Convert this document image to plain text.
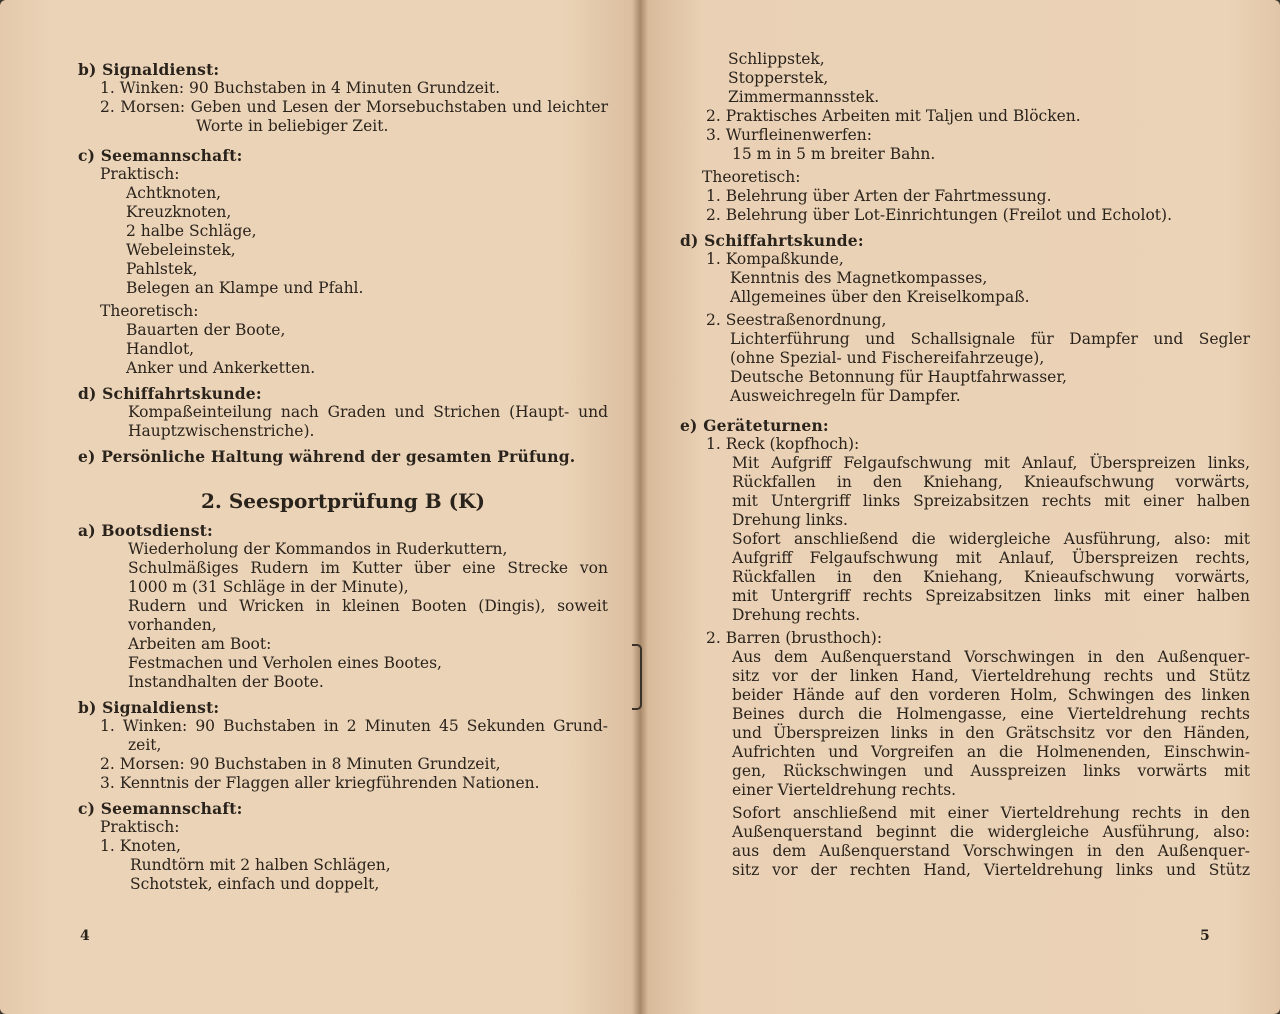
b) Signaldienst:
1. Winken: 90 Buchstaben in 4 Minuten Grundzeit.
2. Morsen: Geben und Lesen der Morsebuchstaben und leichter
Worte in beliebiger Zeit.
c) Seemannschaft:
Praktisch:
Achtknoten,
Kreuzknoten,
2 halbe Schläge,
Webeleinstek,
Pahlstek,
Belegen an Klampe und Pfahl.
Theoretisch:
Bauarten der Boote,
Handlot,
Anker und Ankerketten.
d) Schiffahrtskunde:
Kompaßeinteilung nach Graden und Strichen (Haupt- und
Hauptzwischenstriche).
e) Persönliche Haltung während der gesamten Prüfung.
2. Seesportprüfung B (K)
a) Bootsdienst:
Wiederholung der Kommandos in Ruderkuttern,
Schulmäßiges Rudern im Kutter über eine Strecke von
1000 m (31 Schläge in der Minute),
Rudern und Wricken in kleinen Booten (Dingis), soweit
vorhanden,
Arbeiten am Boot:
Festmachen und Verholen eines Bootes,
Instandhalten der Boote.
b) Signaldienst:
1. Winken: 90 Buchstaben in 2 Minuten 45 Sekunden Grund-
zeit,
2. Morsen: 90 Buchstaben in 8 Minuten Grundzeit,
3. Kenntnis der Flaggen aller kriegführenden Nationen.
c) Seemannschaft:
Praktisch:
1. Knoten,
Rundtörn mit 2 halben Schlägen,
Schotstek, einfach und doppelt,
4
Schlippstek,
Stopperstek,
Zimmermannsstek.
2. Praktisches Arbeiten mit Taljen und Blöcken.
3. Wurfleinenwerfen:
15 m in 5 m breiter Bahn.
Theoretisch:
1. Belehrung über Arten der Fahrtmessung.
2. Belehrung über Lot-Einrichtungen (Freilot und Echolot).
d) Schiffahrtskunde:
1. Kompaßkunde,
Kenntnis des Magnetkompasses,
Allgemeines über den Kreiselkompaß.
2. Seestraßenordnung,
Lichterführung und Schallsignale für Dampfer und Segler
(ohne Spezial- und Fischereifahrzeuge),
Deutsche Betonnung für Hauptfahrwasser,
Ausweichregeln für Dampfer.
e) Geräteturnen:
1. Reck (kopfhoch):
Mit Aufgriff Felgaufschwung mit Anlauf, Überspreizen links,
Rückfallen in den Kniehang, Knieaufschwung vorwärts,
mit Untergriff links Spreizabsitzen rechts mit einer halben
Drehung links.
Sofort anschließend die widergleiche Ausführung, also: mit
Aufgriff Felgaufschwung mit Anlauf, Überspreizen rechts,
Rückfallen in den Kniehang, Knieaufschwung vorwärts,
mit Untergriff rechts Spreizabsitzen links mit einer halben
Drehung rechts.
2. Barren (brusthoch):
Aus dem Außenquerstand Vorschwingen in den Außenquer-
sitz vor der linken Hand, Vierteldrehung rechts und Stütz
beider Hände auf den vorderen Holm, Schwingen des linken
Beines durch die Holmengasse, eine Vierteldrehung rechts
und Überspreizen links in den Grätschsitz vor den Händen,
Aufrichten und Vorgreifen an die Holmenenden, Einschwin-
gen, Rückschwingen und Ausspreizen links vorwärts mit
einer Vierteldrehung rechts.
Sofort anschließend mit einer Vierteldrehung rechts in den
Außenquerstand beginnt die widergleiche Ausführung, also:
aus dem Außenquerstand Vorschwingen in den Außenquer-
sitz vor der rechten Hand, Vierteldrehung links und Stütz
5
